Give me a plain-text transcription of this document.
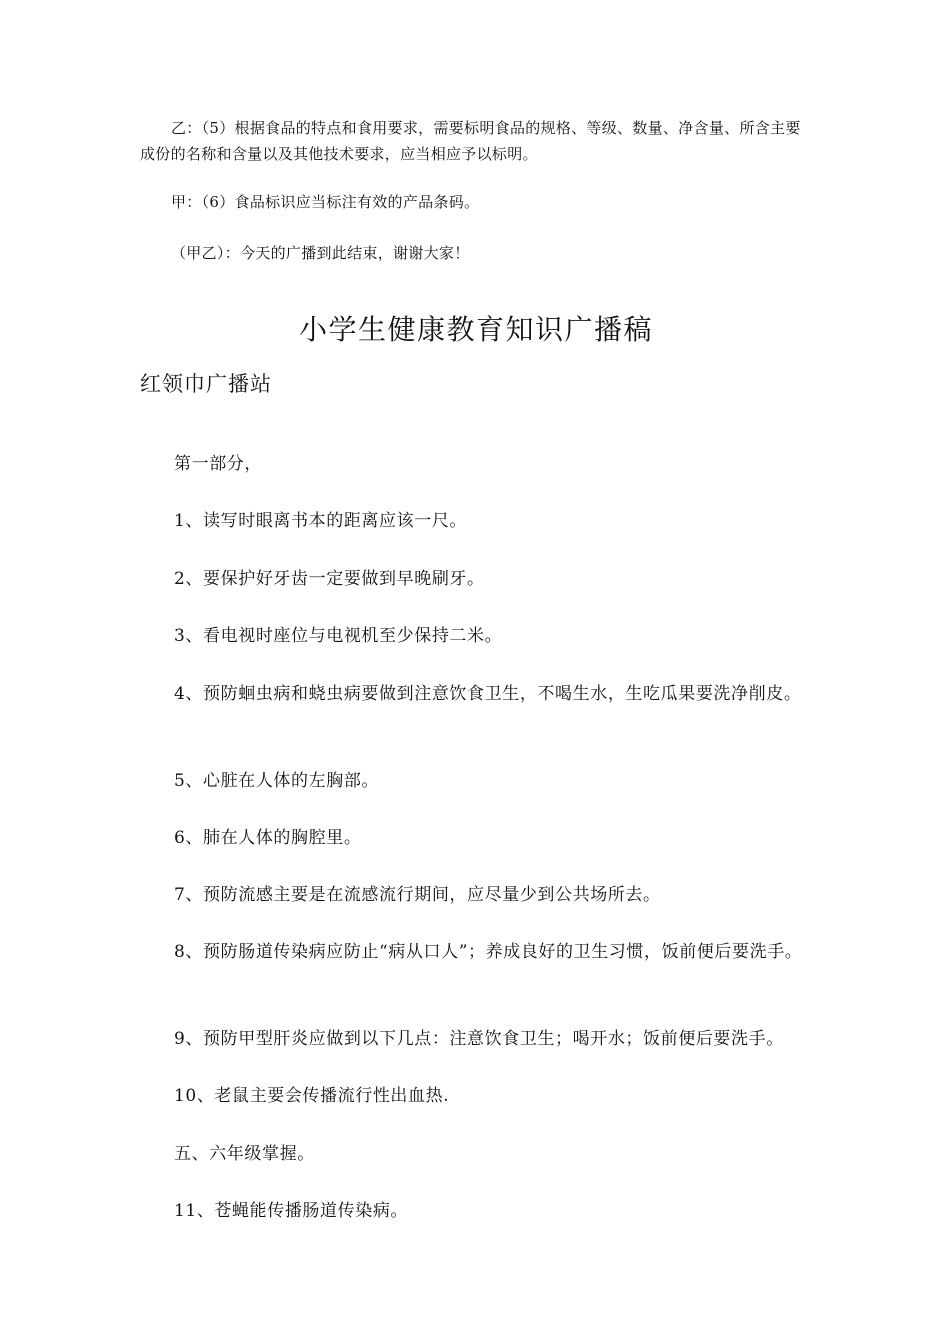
乙：（5）根据食品的特点和食用要求，需要标明食品的规格、等级、数量、净含量、所含主要成份的名称和含量以及其他技术要求，应当相应予以标明。

甲：（6）食品标识应当标注有效的产品条码。

（甲乙）：今天的广播到此结束，谢谢大家！

小学生健康教育知识广播稿
红领巾广播站

第一部分，

1、读写时眼离书本的距离应该一尺。

2、要保护好牙齿一定要做到早晚刷牙。

3、看电视时座位与电视机至少保持二米。

4、预防蛔虫病和蛲虫病要做到注意饮食卫生，不喝生水，生吃瓜果要洗净削皮。

5、心脏在人体的左胸部。

6、肺在人体的胸腔里。

7、预防流感主要是在流感流行期间，应尽量少到公共场所去。

8、预防肠道传染病应防止“病从口人”；养成良好的卫生习惯，饭前便后要洗手。

9、预防甲型肝炎应做到以下几点：注意饮食卫生；喝开水；饭前便后要洗手。

10、老鼠主要会传播流行性出血热.

五、六年级掌握。

11、苍蝇能传播肠道传染病。
